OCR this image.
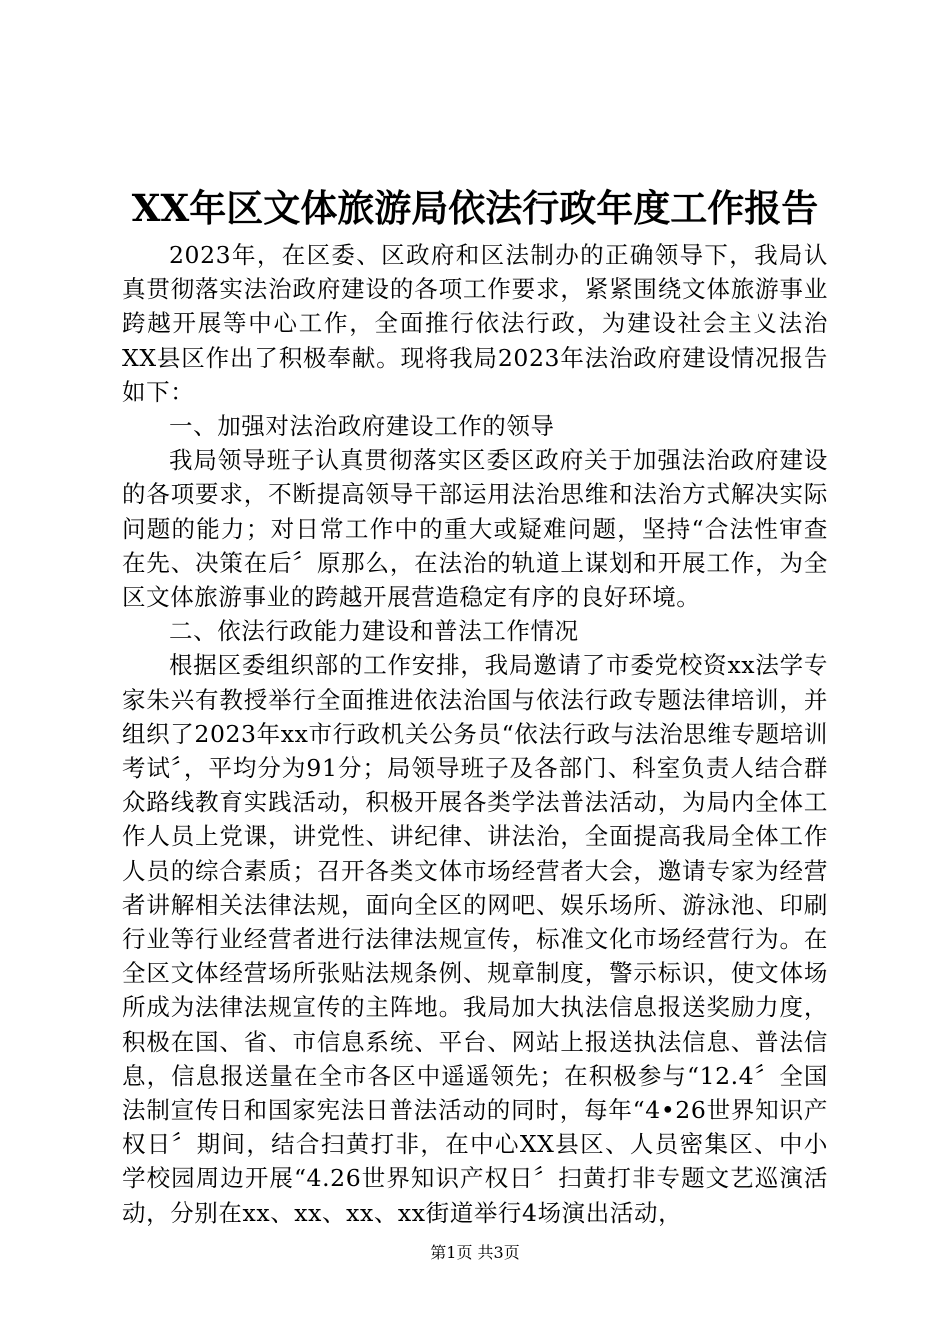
XX年区文体旅游局依法行政年度工作报告

2023年，在区委、区政府和区法制办的正确领导下，我局认真贯彻落实法治政府建设的各项工作要求，紧紧围绕文体旅游事业跨越开展等中心工作，全面推行依法行政，为建设社会主义法治XX县区作出了积极奉献。现将我局2023年法治政府建设情况报告如下：

一、加强对法治政府建设工作的领导

我局领导班子认真贯彻落实区委区政府关于加强法治政府建设的各项要求，不断提高领导干部运用法治思维和法治方式解决实际问题的能力；对日常工作中的重大或疑难问题，坚持“合法性审查在先、决策在后〞原那么，在法治的轨道上谋划和开展工作，为全区文体旅游事业的跨越开展营造稳定有序的良好环境。

二、依法行政能力建设和普法工作情况

根据区委组织部的工作安排，我局邀请了市委党校资xx法学专家朱兴有教授举行全面推进依法治国与依法行政专题法律培训，并组织了2023年xx市行政机关公务员“依法行政与法治思维专题培训考试〞，平均分为91分；局领导班子及各部门、科室负责人结合群众路线教育实践活动，积极开展各类学法普法活动，为局内全体工作人员上党课，讲党性、讲纪律、讲法治，全面提高我局全体工作人员的综合素质；召开各类文体市场经营者大会，邀请专家为经营者讲解相关法律法规，面向全区的网吧、娱乐场所、游泳池、印刷行业等行业经营者进行法律法规宣传，标准文化市场经营行为。在全区文体经营场所张贴法规条例、规章制度，警示标识，使文体场所成为法律法规宣传的主阵地。我局加大执法信息报送奖励力度，积极在国、省、市信息系统、平台、网站上报送执法信息、普法信息，信息报送量在全市各区中遥遥领先；在积极参与“12.4〞全国法制宣传日和国家宪法日普法活动的同时，每年“4•26世界知识产权日〞期间，结合扫黄打非，在中心XX县区、人员密集区、中小学校园周边开展“4.26世界知识产权日〞扫黄打非专题文艺巡演活动，分别在xx、xx、xx、xx街道举行4场演出活动，

第1页 共3页
